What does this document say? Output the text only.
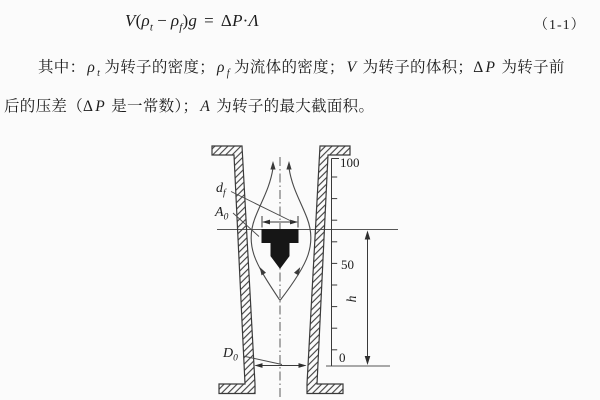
$V(\rho_t - \rho_f)g = \Delta P\cdot\Lambda$	（1-1）
其中： ρ $_t$ 为转子的密度； ρ $_f$ 为流体的密度； V 为转子的体积；Δ P 为转子前
后的压差（Δ P 是一常数）； A 为转子的最大截面积。
$d_f$
$A_0$
$D_0$
100
50
0
h
